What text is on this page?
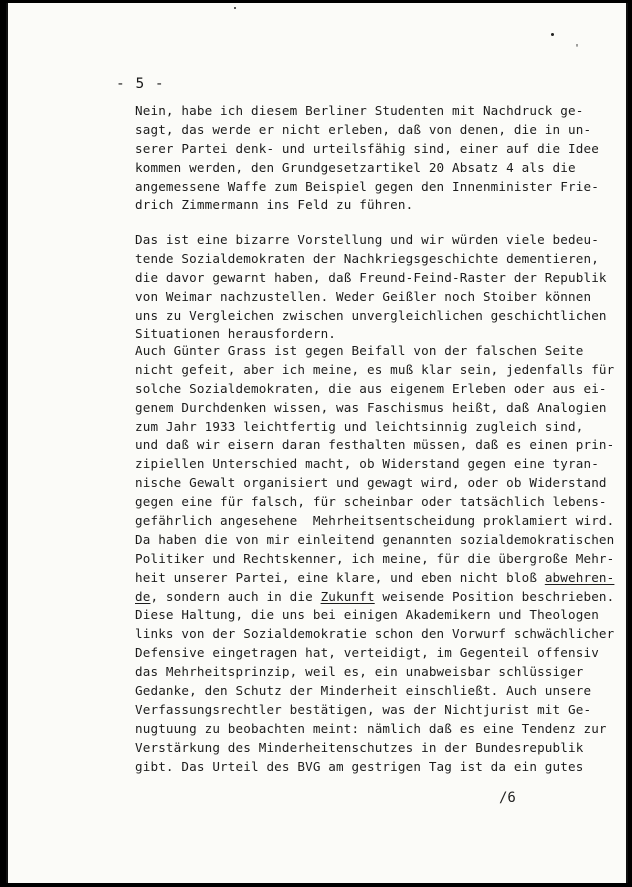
'
- 5 -
Nein, habe ich diesem Berliner Studenten mit Nachdruck ge-
sagt, das werde er nicht erleben, daß von denen, die in un-
serer Partei denk- und urteilsfähig sind, einer auf die Idee
kommen werden, den Grundgesetzartikel 20 Absatz 4 als die
angemessene Waffe zum Beispiel gegen den Innenminister Frie-
drich Zimmermann ins Feld zu führen.
Das ist eine bizarre Vorstellung und wir würden viele bedeu-
tende Sozialdemokraten der Nachkriegsgeschichte dementieren,
die davor gewarnt haben, daß Freund-Feind-Raster der Republik
von Weimar nachzustellen. Weder Geißler noch Stoiber können
uns zu Vergleichen zwischen unvergleichlichen geschichtlichen
Situationen herausfordern.
Auch Günter Grass ist gegen Beifall von der falschen Seite
nicht gefeit, aber ich meine, es muß klar sein, jedenfalls für
solche Sozialdemokraten, die aus eigenem Erleben oder aus ei-
genem Durchdenken wissen, was Faschismus heißt, daß Analogien
zum Jahr 1933 leichtfertig und leichtsinnig zugleich sind,
und daß wir eisern daran festhalten müssen, daß es einen prin-
zipiellen Unterschied macht, ob Widerstand gegen eine tyran-
nische Gewalt organisiert und gewagt wird, oder ob Widerstand
gegen eine für falsch, für scheinbar oder tatsächlich lebens-
gefährlich angesehene  Mehrheitsentscheidung proklamiert wird.
Da haben die von mir einleitend genannten sozialdemokratischen
Politiker und Rechtskenner, ich meine, für die übergroße Mehr-
heit unserer Partei, eine klare, und eben nicht bloß abwehren-
de, sondern auch in die Zukunft weisende Position beschrieben.
Diese Haltung, die uns bei einigen Akademikern und Theologen
links von der Sozialdemokratie schon den Vorwurf schwächlicher
Defensive eingetragen hat, verteidigt, im Gegenteil offensiv
das Mehrheitsprinzip, weil es, ein unabweisbar schlüssiger
Gedanke, den Schutz der Minderheit einschließt. Auch unsere
Verfassungsrechtler bestätigen, was der Nichtjurist mit Ge-
nugtuung zu beobachten meint: nämlich daß es eine Tendenz zur
Verstärkung des Minderheitenschutzes in der Bundesrepublik
gibt. Das Urteil des BVG am gestrigen Tag ist da ein gutes
/6
